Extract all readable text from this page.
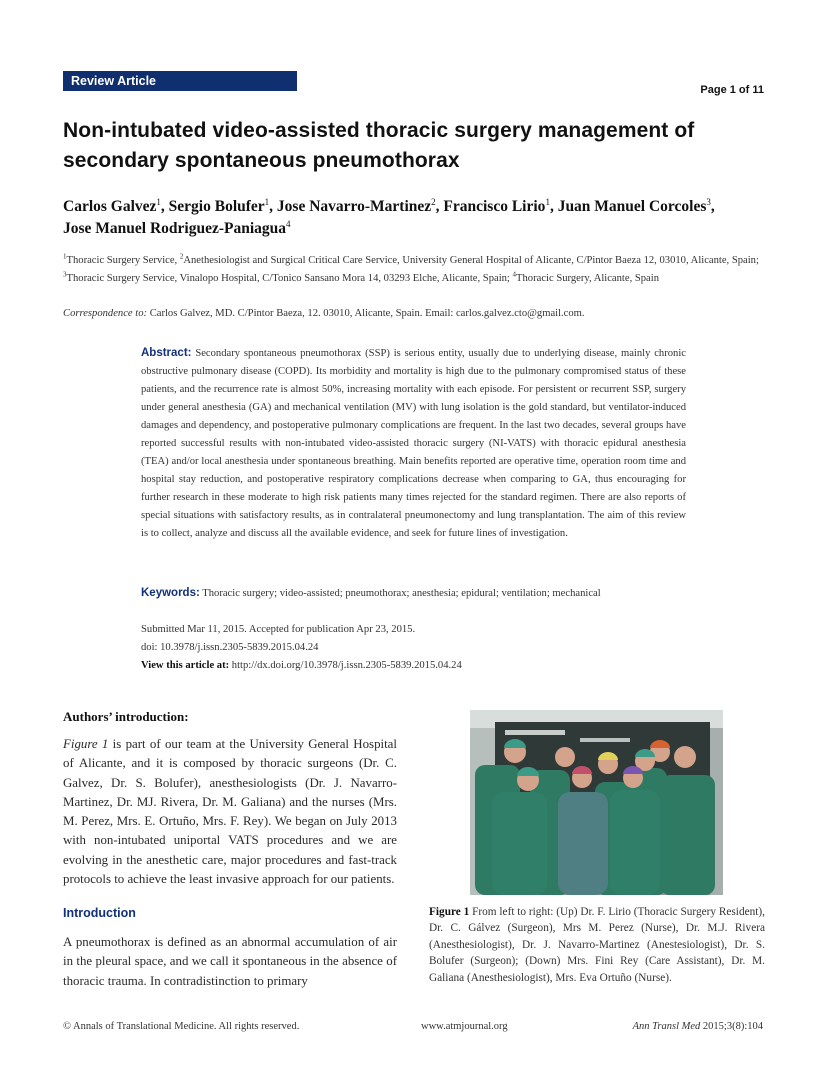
Review Article
Page 1 of 11
Non-intubated video-assisted thoracic surgery management of
secondary spontaneous pneumothorax
Carlos Galvez$^1$, Sergio Bolufer$^1$, Jose Navarro-Martinez$^2$, Francisco Lirio$^1$, Juan Manuel Corcoles$^3$,
Jose Manuel Rodriguez-Paniagua$^4$
$^1$Thoracic Surgery Service, $^2$Anethesiologist and Surgical Critical Care Service, University General Hospital of Alicante, C/Pintor Baeza 12, 03010, Alicante, Spain; $^3$Thoracic Surgery Service, Vinalopo Hospital, C/Tonico Sansano Mora 14, 03293 Elche, Alicante, Spain; $^4$Thoracic Surgery, Alicante, Spain
Correspondence to: Carlos Galvez, MD. C/Pintor Baeza, 12. 03010, Alicante, Spain. Email: carlos.galvez.cto@gmail.com.
Abstract: Secondary spontaneous pneumothorax (SSP) is serious entity, usually due to underlying disease, mainly chronic obstructive pulmonary disease (COPD). Its morbidity and mortality is high due to the pulmonary compromised status of these patients, and the recurrence rate is almost 50%, increasing mortality with each episode. For persistent or recurrent SSP, surgery under general anesthesia (GA) and mechanical ventilation (MV) with lung isolation is the gold standard, but ventilator-induced damages and dependency, and postoperative pulmonary complications are frequent. In the last two decades, several groups have reported successful results with non-intubated video-assisted thoracic surgery (NI-VATS) with thoracic epidural anesthesia (TEA) and/or local anesthesia under spontaneous breathing. Main benefits reported are operative time, operation room time and hospital stay reduction, and postoperative respiratory complications decrease when comparing to GA, thus encouraging for further research in these moderate to high risk patients many times rejected for the standard regimen. There are also reports of special situations with satisfactory results, as in contralateral pneumonectomy and lung transplantation. The aim of this review is to collect, analyze and discuss all the available evidence, and seek for future lines of investigation.
Keywords: Thoracic surgery; video-assisted; pneumothorax; anesthesia; epidural; ventilation; mechanical
Submitted Mar 11, 2015. Accepted for publication Apr 23, 2015.
doi: 10.3978/j.issn.2305-5839.2015.04.24
View this article at: http://dx.doi.org/10.3978/j.issn.2305-5839.2015.04.24
Authors’ introduction:
Figure 1 is part of our team at the University General Hospital of Alicante, and it is composed by thoracic surgeons (Dr. C. Galvez, Dr. S. Bolufer), anesthesiologists (Dr. J. Navarro-Martinez, Dr. MJ. Rivera, Dr. M. Galiana) and the nurses (Mrs. M. Perez, Mrs. E. Ortuño, Mrs. F. Rey). We began on July 2013 with non-intubated uniportal VATS procedures and we are evolving in the anesthetic care, major procedures and fast-track protocols to achieve the least invasive approach for our patients.
Introduction
A pneumothorax is defined as an abnormal accumulation of air in the pleural space, and we call it spontaneous in the absence of thoracic trauma. In contradistinction to primary
Figure 1 From left to right: (Up) Dr. F. Lirio (Thoracic Surgery Resident), Dr. C. Gálvez (Surgeon), Mrs M. Perez (Nurse), Dr. M.J. Rivera (Anesthesiologist), Dr. J. Navarro-Martinez (Anestesiologist), Dr. S. Bolufer (Surgeon); (Down) Mrs. Fini Rey (Care Assistant), Dr. M. Galiana (Anesthesiologist), Mrs. Eva Ortuño (Nurse).
© Annals of Translational Medicine. All rights reserved.	www.atmjournal.org	Ann Transl Med 2015;3(8):104
